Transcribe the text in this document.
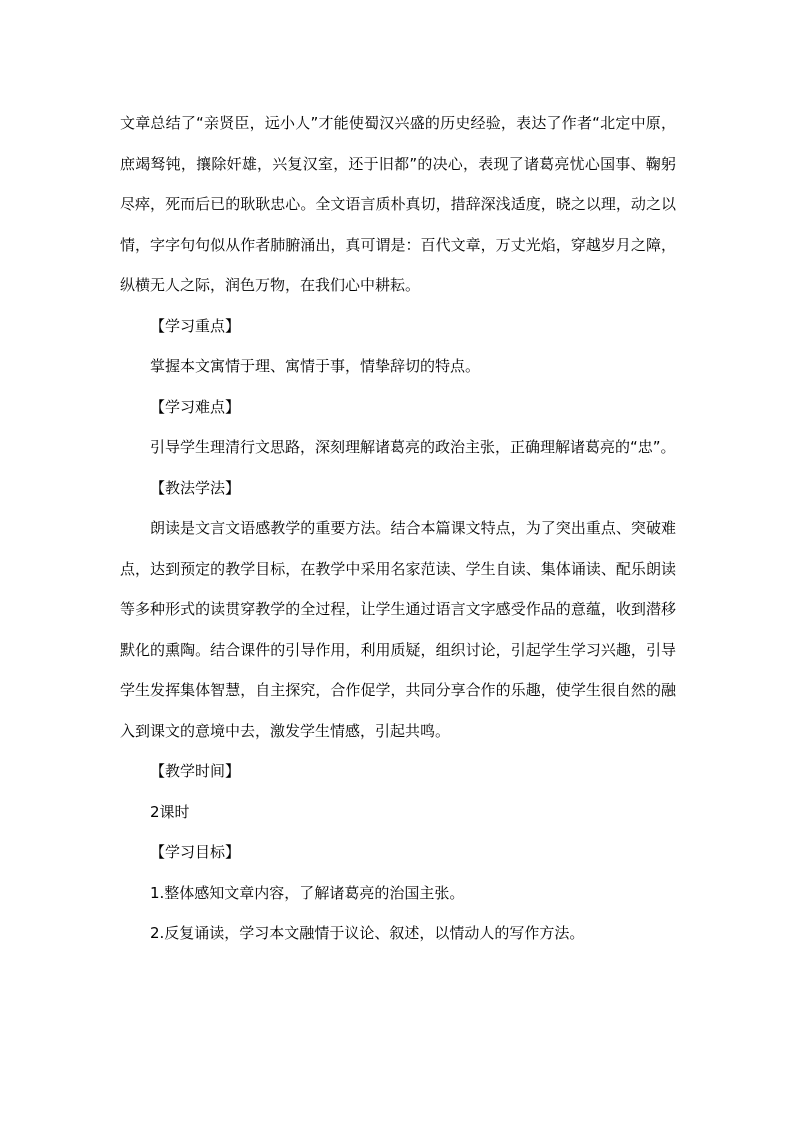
文章总结了“亲贤臣，远小人”才能使蜀汉兴盛的历史经验，表达了作者“北定中原，庶竭驽钝，攘除奸雄，兴复汉室，还于旧都”的决心，表现了诸葛亮忧心国事、鞠躬尽瘁，死而后已的耿耿忠心。全文语言质朴真切，措辞深浅适度，晓之以理，动之以情，字字句句似从作者肺腑涌出，真可谓是：百代文章，万丈光焰，穿越岁月之障，纵横无人之际，润色万物，在我们心中耕耘。

【学习重点】

掌握本文寓情于理、寓情于事，情挚辞切的特点。

【学习难点】

引导学生理清行文思路，深刻理解诸葛亮的政治主张，正确理解诸葛亮的“忠”。

【教法学法】

朗读是文言文语感教学的重要方法。结合本篇课文特点，为了突出重点、突破难点，达到预定的教学目标，在教学中采用名家范读、学生自读、集体诵读、配乐朗读等多种形式的读贯穿教学的全过程，让学生通过语言文字感受作品的意蕴，收到潜移默化的熏陶。结合课件的引导作用，利用质疑，组织讨论，引起学生学习兴趣，引导学生发挥集体智慧，自主探究，合作促学，共同分享合作的乐趣，使学生很自然的融入到课文的意境中去，激发学生情感，引起共鸣。

【教学时间】

2课时

【学习目标】

1.整体感知文章内容，了解诸葛亮的治国主张。

2.反复诵读，学习本文融情于议论、叙述，以情动人的写作方法。
